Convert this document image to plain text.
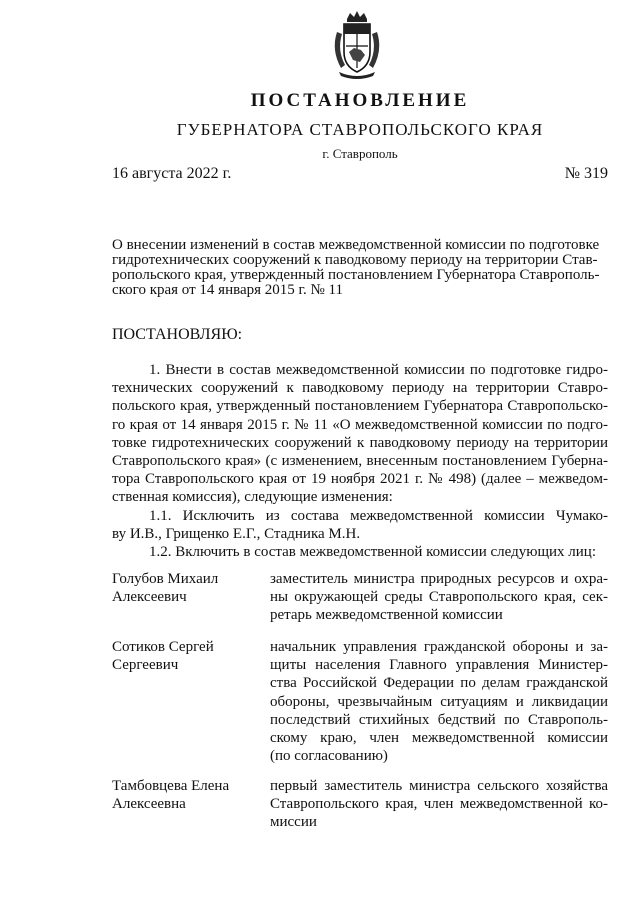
ПОСТАНОВЛЕНИЕ
ГУБЕРНАТОРА СТАВРОПОЛЬСКОГО КРАЯ
г. Ставрополь
16 августа 2022 г.	№ 319
О внесении изменений в состав межведомственной комиссии по подготовке
гидротехнических сооружений к паводковому периоду на территории Став-
ропольского края, утвержденный постановлением Губернатора Ставрополь-
ского края от 14 января 2015 г. № 11
ПОСТАНОВЛЯЮ:
1. Внести в состав межведомственной комиссии по подготовке гидро-
технических сооружений к паводковому периоду на территории Ставро-
польского края, утвержденный постановлением Губернатора Ставропольско-
го края от 14 января 2015 г. № 11 «О межведомственной комиссии по подго-
товке гидротехнических сооружений к паводковому периоду на территории
Ставропольского края» (с изменением, внесенным постановлением Губерна-
тора Ставропольского края от 19 ноября 2021 г. № 498) (далее – межведом-
ственная комиссия), следующие изменения:
1.1. Исключить из состава межведомственной комиссии Чумако-
ву И.В., Грищенко Е.Г., Стадника М.Н.
1.2. Включить в состав межведомственной комиссии следующих лиц:
Голубов Михаил
Алексеевич
заместитель министра природных ресурсов и охра-
ны окружающей среды Ставропольского края, сек-
ретарь межведомственной комиссии
Сотиков Сергей
Сергеевич
начальник управления гражданской обороны и за-
щиты населения Главного управления Министер-
ства Российской Федерации по делам гражданской
обороны, чрезвычайным ситуациям и ликвидации
последствий стихийных бедствий по Ставрополь-
скому краю, член межведомственной комиссии
(по согласованию)
Тамбовцева Елена
Алексеевна
первый заместитель министра сельского хозяйства
Ставропольского края, член межведомственной ко-
миссии
